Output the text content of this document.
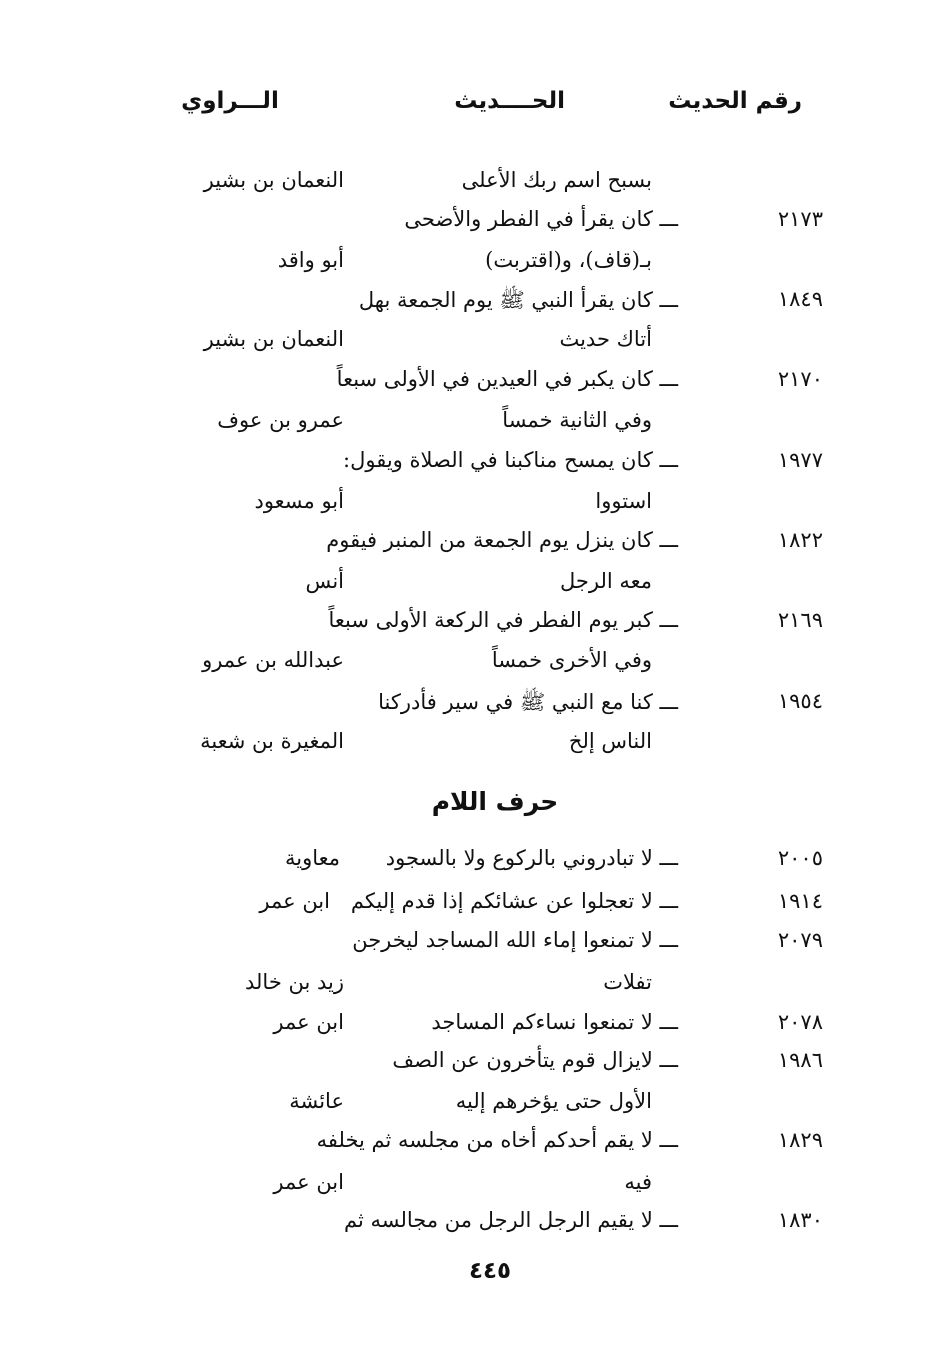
رقم الحديث
الحــــديث
الـــراوي
بسبح اسم ربك الأعلى
النعمان بن بشير
٢١٧٣
ـــ كان يقرأ في الفطر والأضحى
بـ(قاف)، و(اقتربت)
أبو واقد
١٨٤٩
ـــ كان يقرأ النبي ﷺ يوم الجمعة بهل
أتاك حديث
النعمان بن بشير
٢١٧٠
ـــ كان يكبر في العيدين في الأولى سبعاً
وفي الثانية خمساً
عمرو بن عوف
١٩٧٧
ـــ كان يمسح مناكبنا في الصلاة ويقول:
استووا
أبو مسعود
١٨٢٢
ـــ كان ينزل يوم الجمعة من المنبر فيقوم
معه الرجل
أنس
٢١٦٩
ـــ كبر يوم الفطر في الركعة الأولى سبعاً
وفي الأخرى خمساً
عبدالله بن عمرو
١٩٥٤
ـــ كنا مع النبي ﷺ في سير فأدركنا
الناس إلخ
المغيرة بن شعبة
حرف اللام
٢٠٠٥
ـــ لا تبادروني بالركوع ولا بالسجود
معاوية
١٩١٤
ـــ لا تعجلوا عن عشائكم إذا قدم إليكم
ابن عمر
٢٠٧٩
ـــ لا تمنعوا إماء الله المساجد ليخرجن
تفلات
زيد بن خالد
٢٠٧٨
ـــ لا تمنعوا نساءكم المساجد
ابن عمر
١٩٨٦
ـــ لايزال قوم يتأخرون عن الصف
الأول حتى يؤخرهم إليه
عائشة
١٨٢٩
ـــ لا يقم أحدكم أخاه من مجلسه ثم يخلفه
فيه
ابن عمر
١٨٣٠
ـــ لا يقيم الرجل الرجل من مجالسه ثم
٤٤٥
